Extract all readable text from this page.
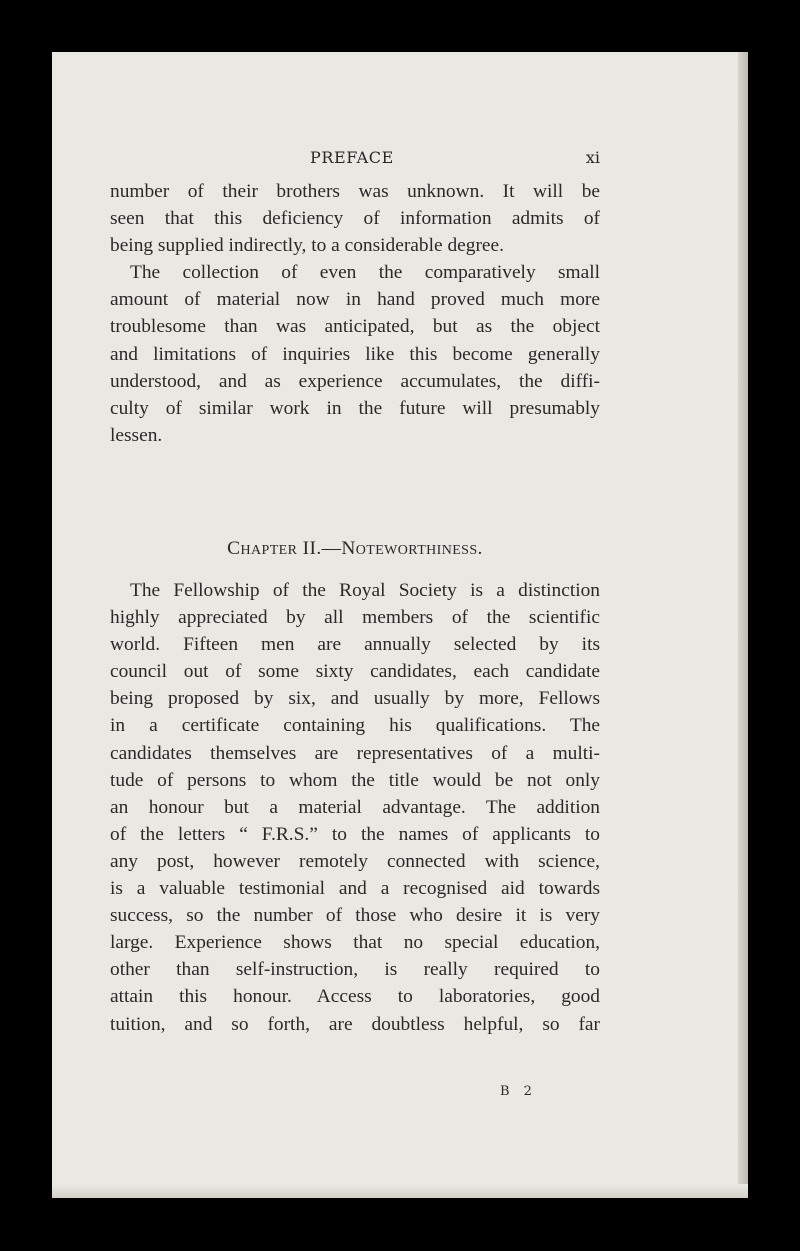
PREFACE	xi

number of their brothers was unknown. It will be
seen that this deficiency of information admits of
being supplied indirectly, to a considerable degree.

The collection of even the comparatively small
amount of material now in hand proved much more
troublesome than was anticipated, but as the object
and limitations of inquiries like this become generally
understood, and as experience accumulates, the diffi-
culty of similar work in the future will presumably
lessen.

Chapter II.—Noteworthiness.

The Fellowship of the Royal Society is a distinction
highly appreciated by all members of the scientific
world. Fifteen men are annually selected by its
council out of some sixty candidates, each candidate
being proposed by six, and usually by more, Fellows
in a certificate containing his qualifications. The
candidates themselves are representatives of a multi-
tude of persons to whom the title would be not only
an honour but a material advantage. The addition
of the letters “ F.R.S.” to the names of applicants to
any post, however remotely connected with science,
is a valuable testimonial and a recognised aid towards
success, so the number of those who desire it is very
large. Experience shows that no special education,
other than self-instruction, is really required to
attain this honour. Access to laboratories, good
tuition, and so forth, are doubtless helpful, so far

B 2
